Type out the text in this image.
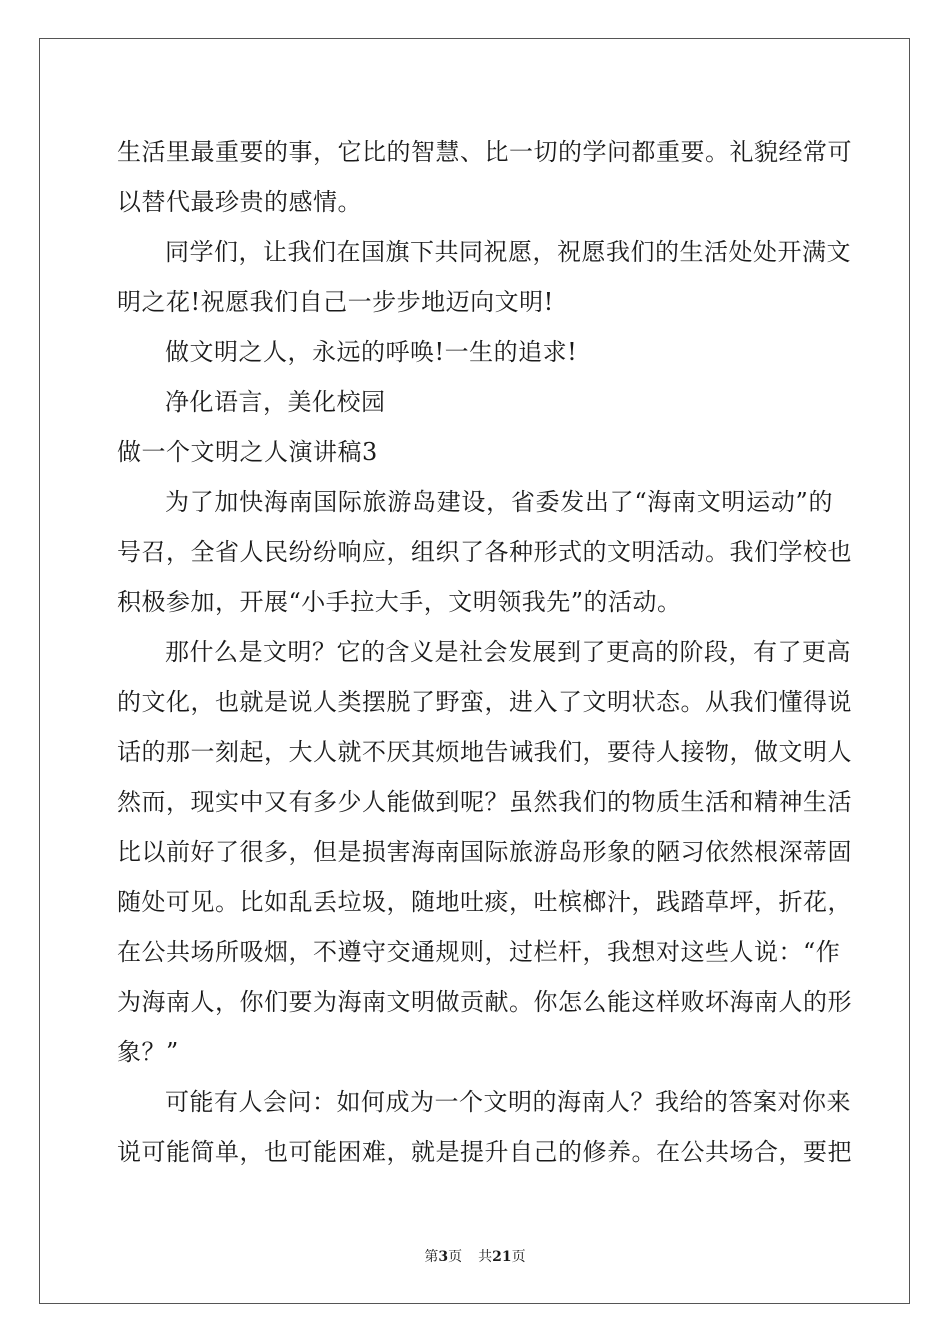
生活里最重要的事，它比的智慧、比一切的学问都重要。礼貌经常可
以替代最珍贵的感情。
同学们，让我们在国旗下共同祝愿，祝愿我们的生活处处开满文
明之花!祝愿我们自己一步步地迈向文明!
做文明之人，永远的呼唤!一生的追求!
净化语言，美化校园
做一个文明之人演讲稿3
为了加快海南国际旅游岛建设，省委发出了“海南文明运动”的
号召，全省人民纷纷响应，组织了各种形式的文明活动。我们学校也
积极参加，开展“小手拉大手，文明领我先”的活动。
那什么是文明？它的含义是社会发展到了更高的阶段，有了更高
的文化，也就是说人类摆脱了野蛮，进入了文明状态。从我们懂得说
话的那一刻起，大人就不厌其烦地告诫我们，要待人接物，做文明人
然而，现实中又有多少人能做到呢？虽然我们的物质生活和精神生活
比以前好了很多，但是损害海南国际旅游岛形象的陋习依然根深蒂固
随处可见。比如乱丢垃圾，随地吐痰，吐槟榔汁，践踏草坪，折花，
在公共场所吸烟，不遵守交通规则，过栏杆，我想对这些人说：“作
为海南人，你们要为海南文明做贡献。你怎么能这样败坏海南人的形
象？”
可能有人会问：如何成为一个文明的海南人？我给的答案对你来
说可能简单，也可能困难，就是提升自己的修养。在公共场合，要把
第3页 共21页
